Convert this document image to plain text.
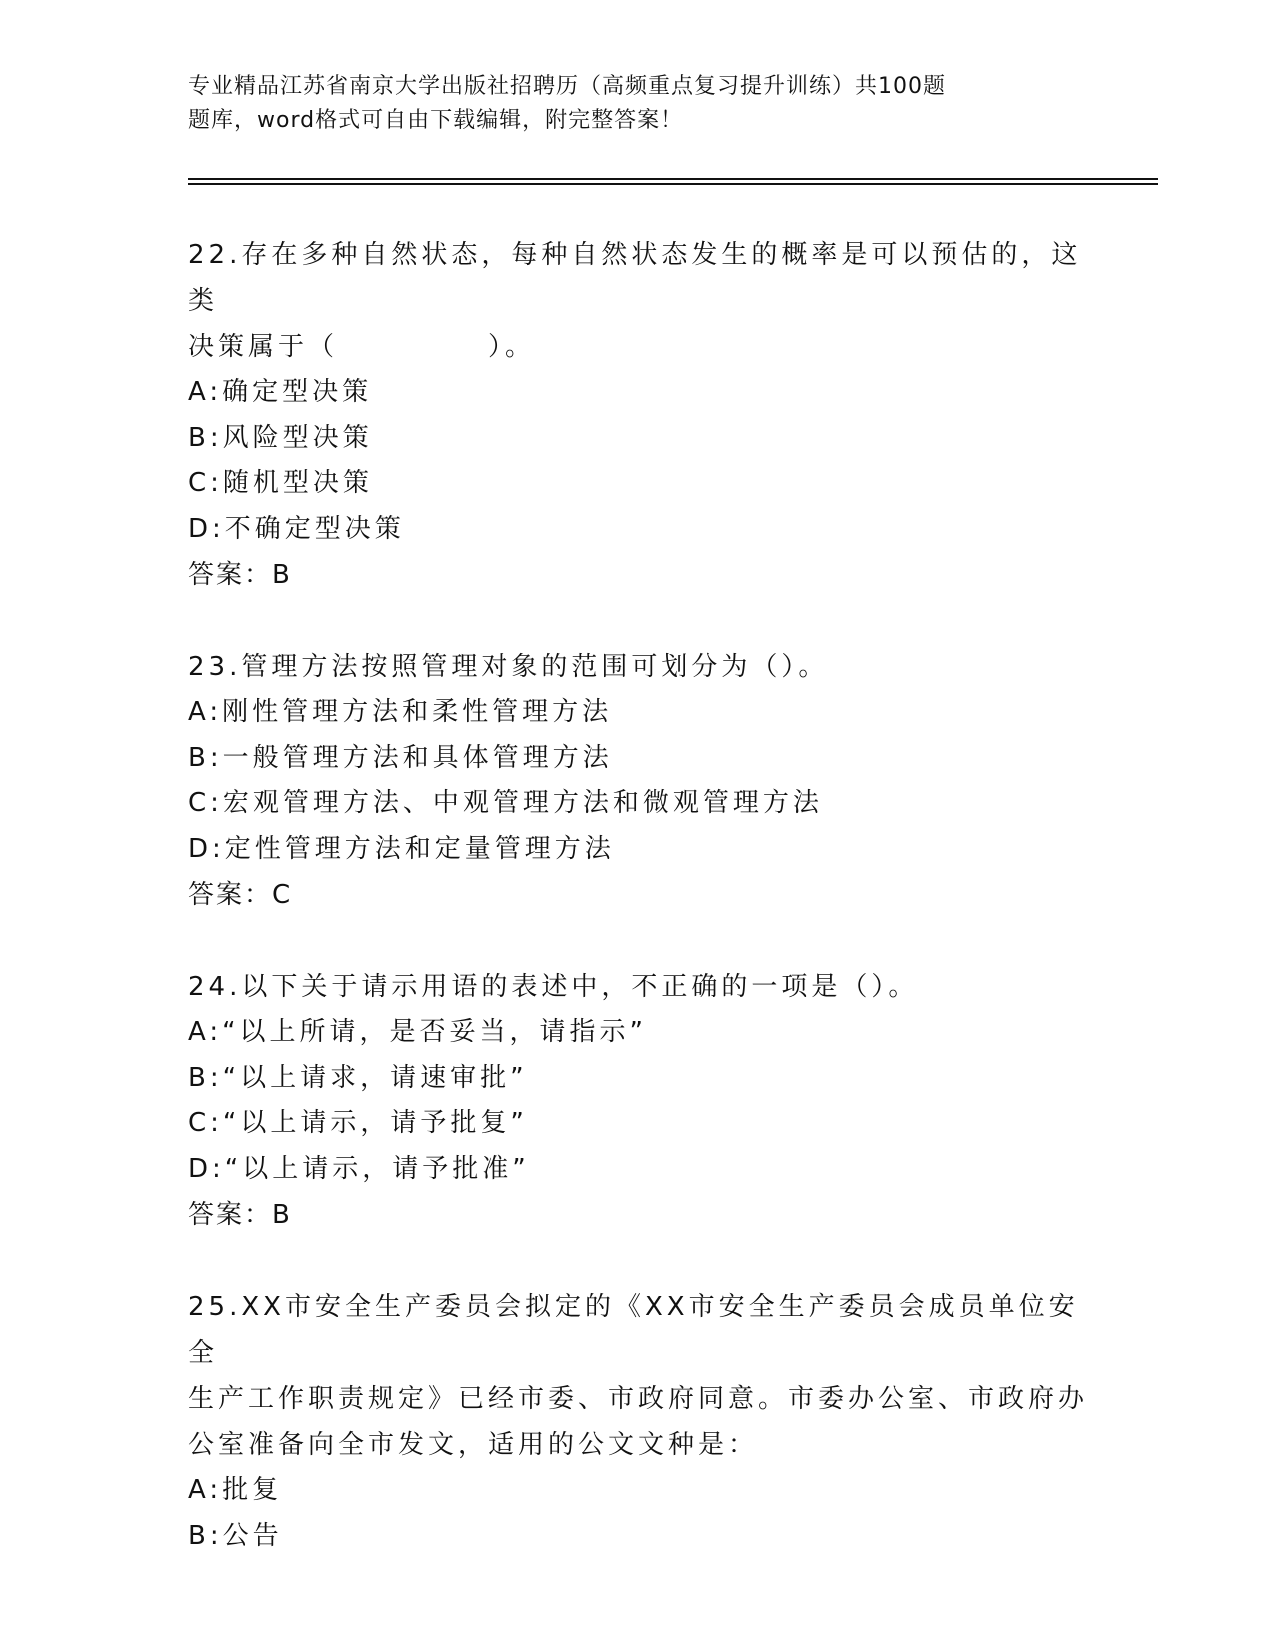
专业精品江苏省南京大学出版社招聘历（高频重点复习提升训练）共100题
题库，word格式可自由下载编辑，附完整答案！
22.存在多种自然状态，每种自然状态发生的概率是可以预估的，这类
决策属于（　　　　　）。
A:确定型决策
B:风险型决策
C:随机型决策
D:不确定型决策
答案：B
23.管理方法按照管理对象的范围可划分为（）。
A:刚性管理方法和柔性管理方法
B:一般管理方法和具体管理方法
C:宏观管理方法、中观管理方法和微观管理方法
D:定性管理方法和定量管理方法
答案：C
24.以下关于请示用语的表述中，不正确的一项是（）。
A:“以上所请，是否妥当，请指示”
B:“以上请求，请速审批”
C:“以上请示，请予批复”
D:“以上请示，请予批准”
答案：B
25.XX市安全生产委员会拟定的《XX市安全生产委员会成员单位安全
生产工作职责规定》已经市委、市政府同意。市委办公室、市政府办
公室准备向全市发文，适用的公文文种是：
A:批复
B:公告
